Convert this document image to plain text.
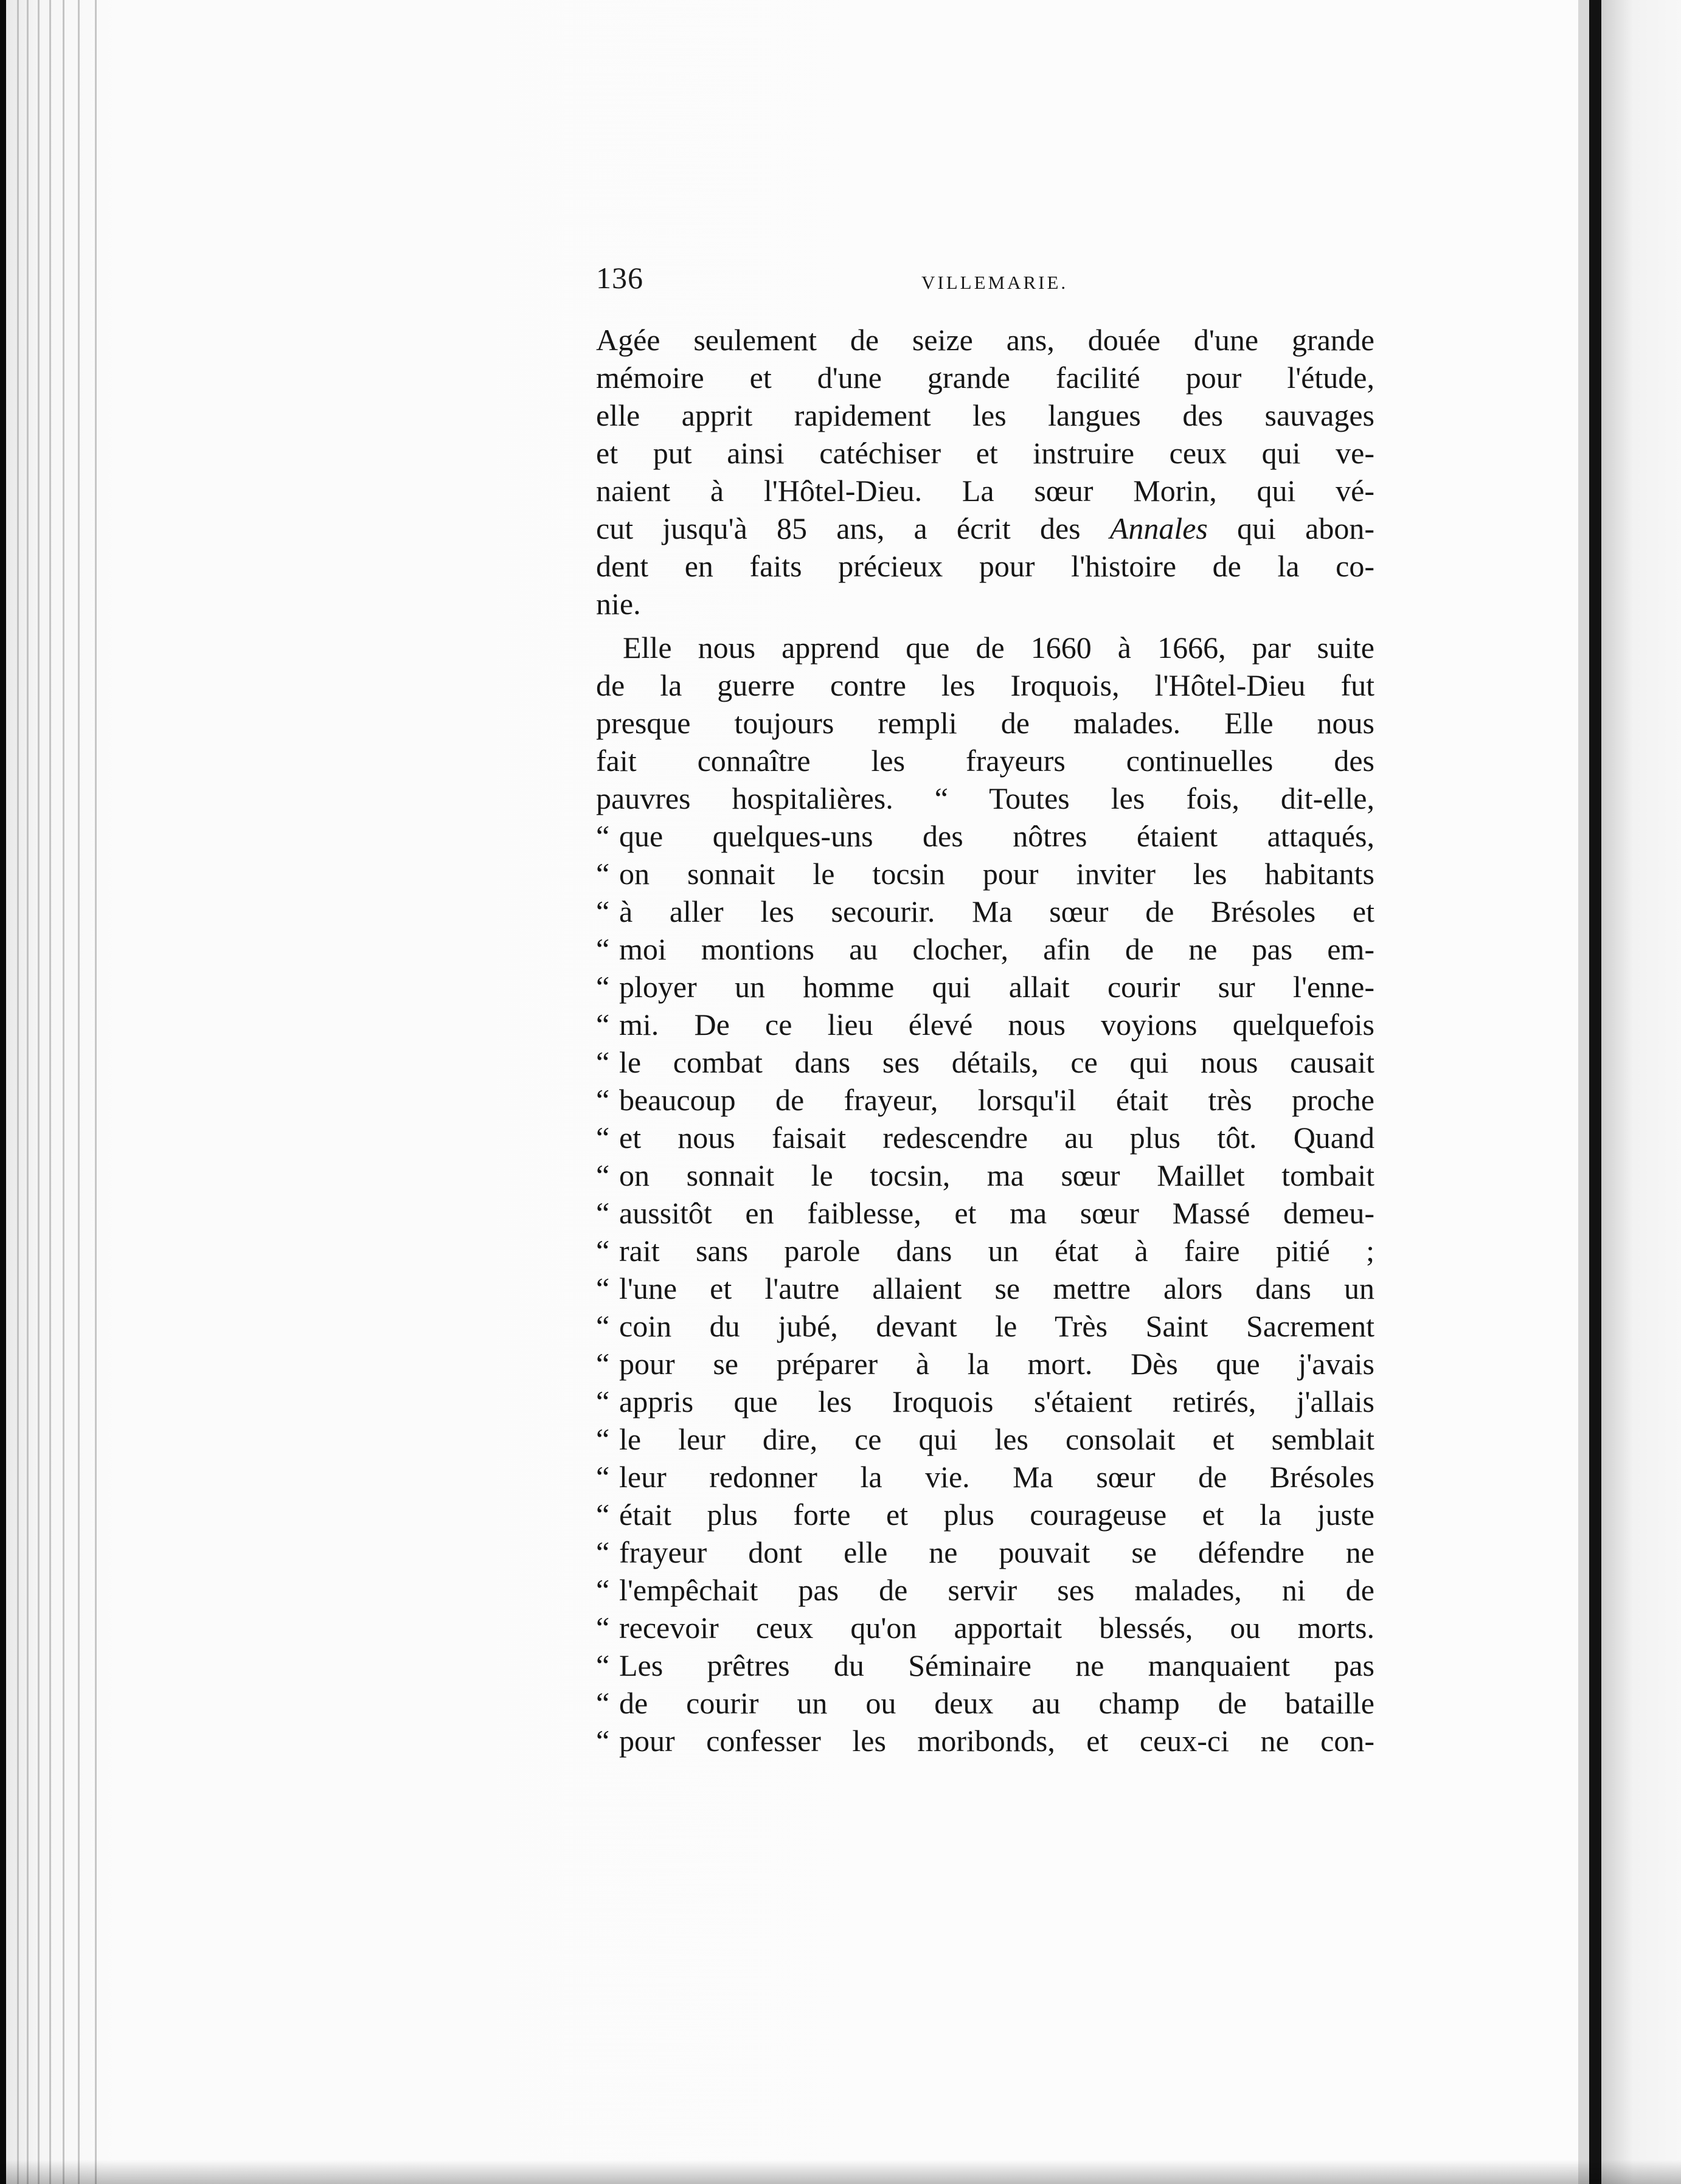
136	VILLEMARIE.
Agée seulement de seize ans, douée d'une grande
mémoire et d'une grande facilité pour l'étude,
elle apprit rapidement les langues des sauvages
et put ainsi catéchiser et instruire ceux qui ve-
naient à l'Hôtel-Dieu. La sœur Morin, qui vé-
cut jusqu'à 85 ans, a écrit des Annales qui abon-
dent en faits précieux pour l'histoire de la co-
nie.
Elle nous apprend que de 1660 à 1666, par suite
de la guerre contre les Iroquois, l'Hôtel-Dieu fut
presque toujours rempli de malades. Elle nous
fait connaître les frayeurs continuelles des
pauvres hospitalières. “ Toutes les fois, dit-elle,
“ que quelques-uns des nôtres étaient attaqués,
“ on sonnait le tocsin pour inviter les habitants
“ à aller les secourir. Ma sœur de Brésoles et
“ moi montions au clocher, afin de ne pas em-
“ ployer un homme qui allait courir sur l'enne-
“ mi. De ce lieu élevé nous voyions quelquefois
“ le combat dans ses détails, ce qui nous causait
“ beaucoup de frayeur, lorsqu'il était très proche
“ et nous faisait redescendre au plus tôt. Quand
“ on sonnait le tocsin, ma sœur Maillet tombait
“ aussitôt en faiblesse, et ma sœur Massé demeu-
“ rait sans parole dans un état à faire pitié ;
“ l'une et l'autre allaient se mettre alors dans un
“ coin du jubé, devant le Très Saint Sacrement
“ pour se préparer à la mort. Dès que j'avais
“ appris que les Iroquois s'étaient retirés, j'allais
“ le leur dire, ce qui les consolait et semblait
“ leur redonner la vie. Ma sœur de Brésoles
“ était plus forte et plus courageuse et la juste
“ frayeur dont elle ne pouvait se défendre ne
“ l'empêchait pas de servir ses malades, ni de
“ recevoir ceux qu'on apportait blessés, ou morts.
“ Les prêtres du Séminaire ne manquaient pas
“ de courir un ou deux au champ de bataille
“ pour confesser les moribonds, et ceux-ci ne con-
